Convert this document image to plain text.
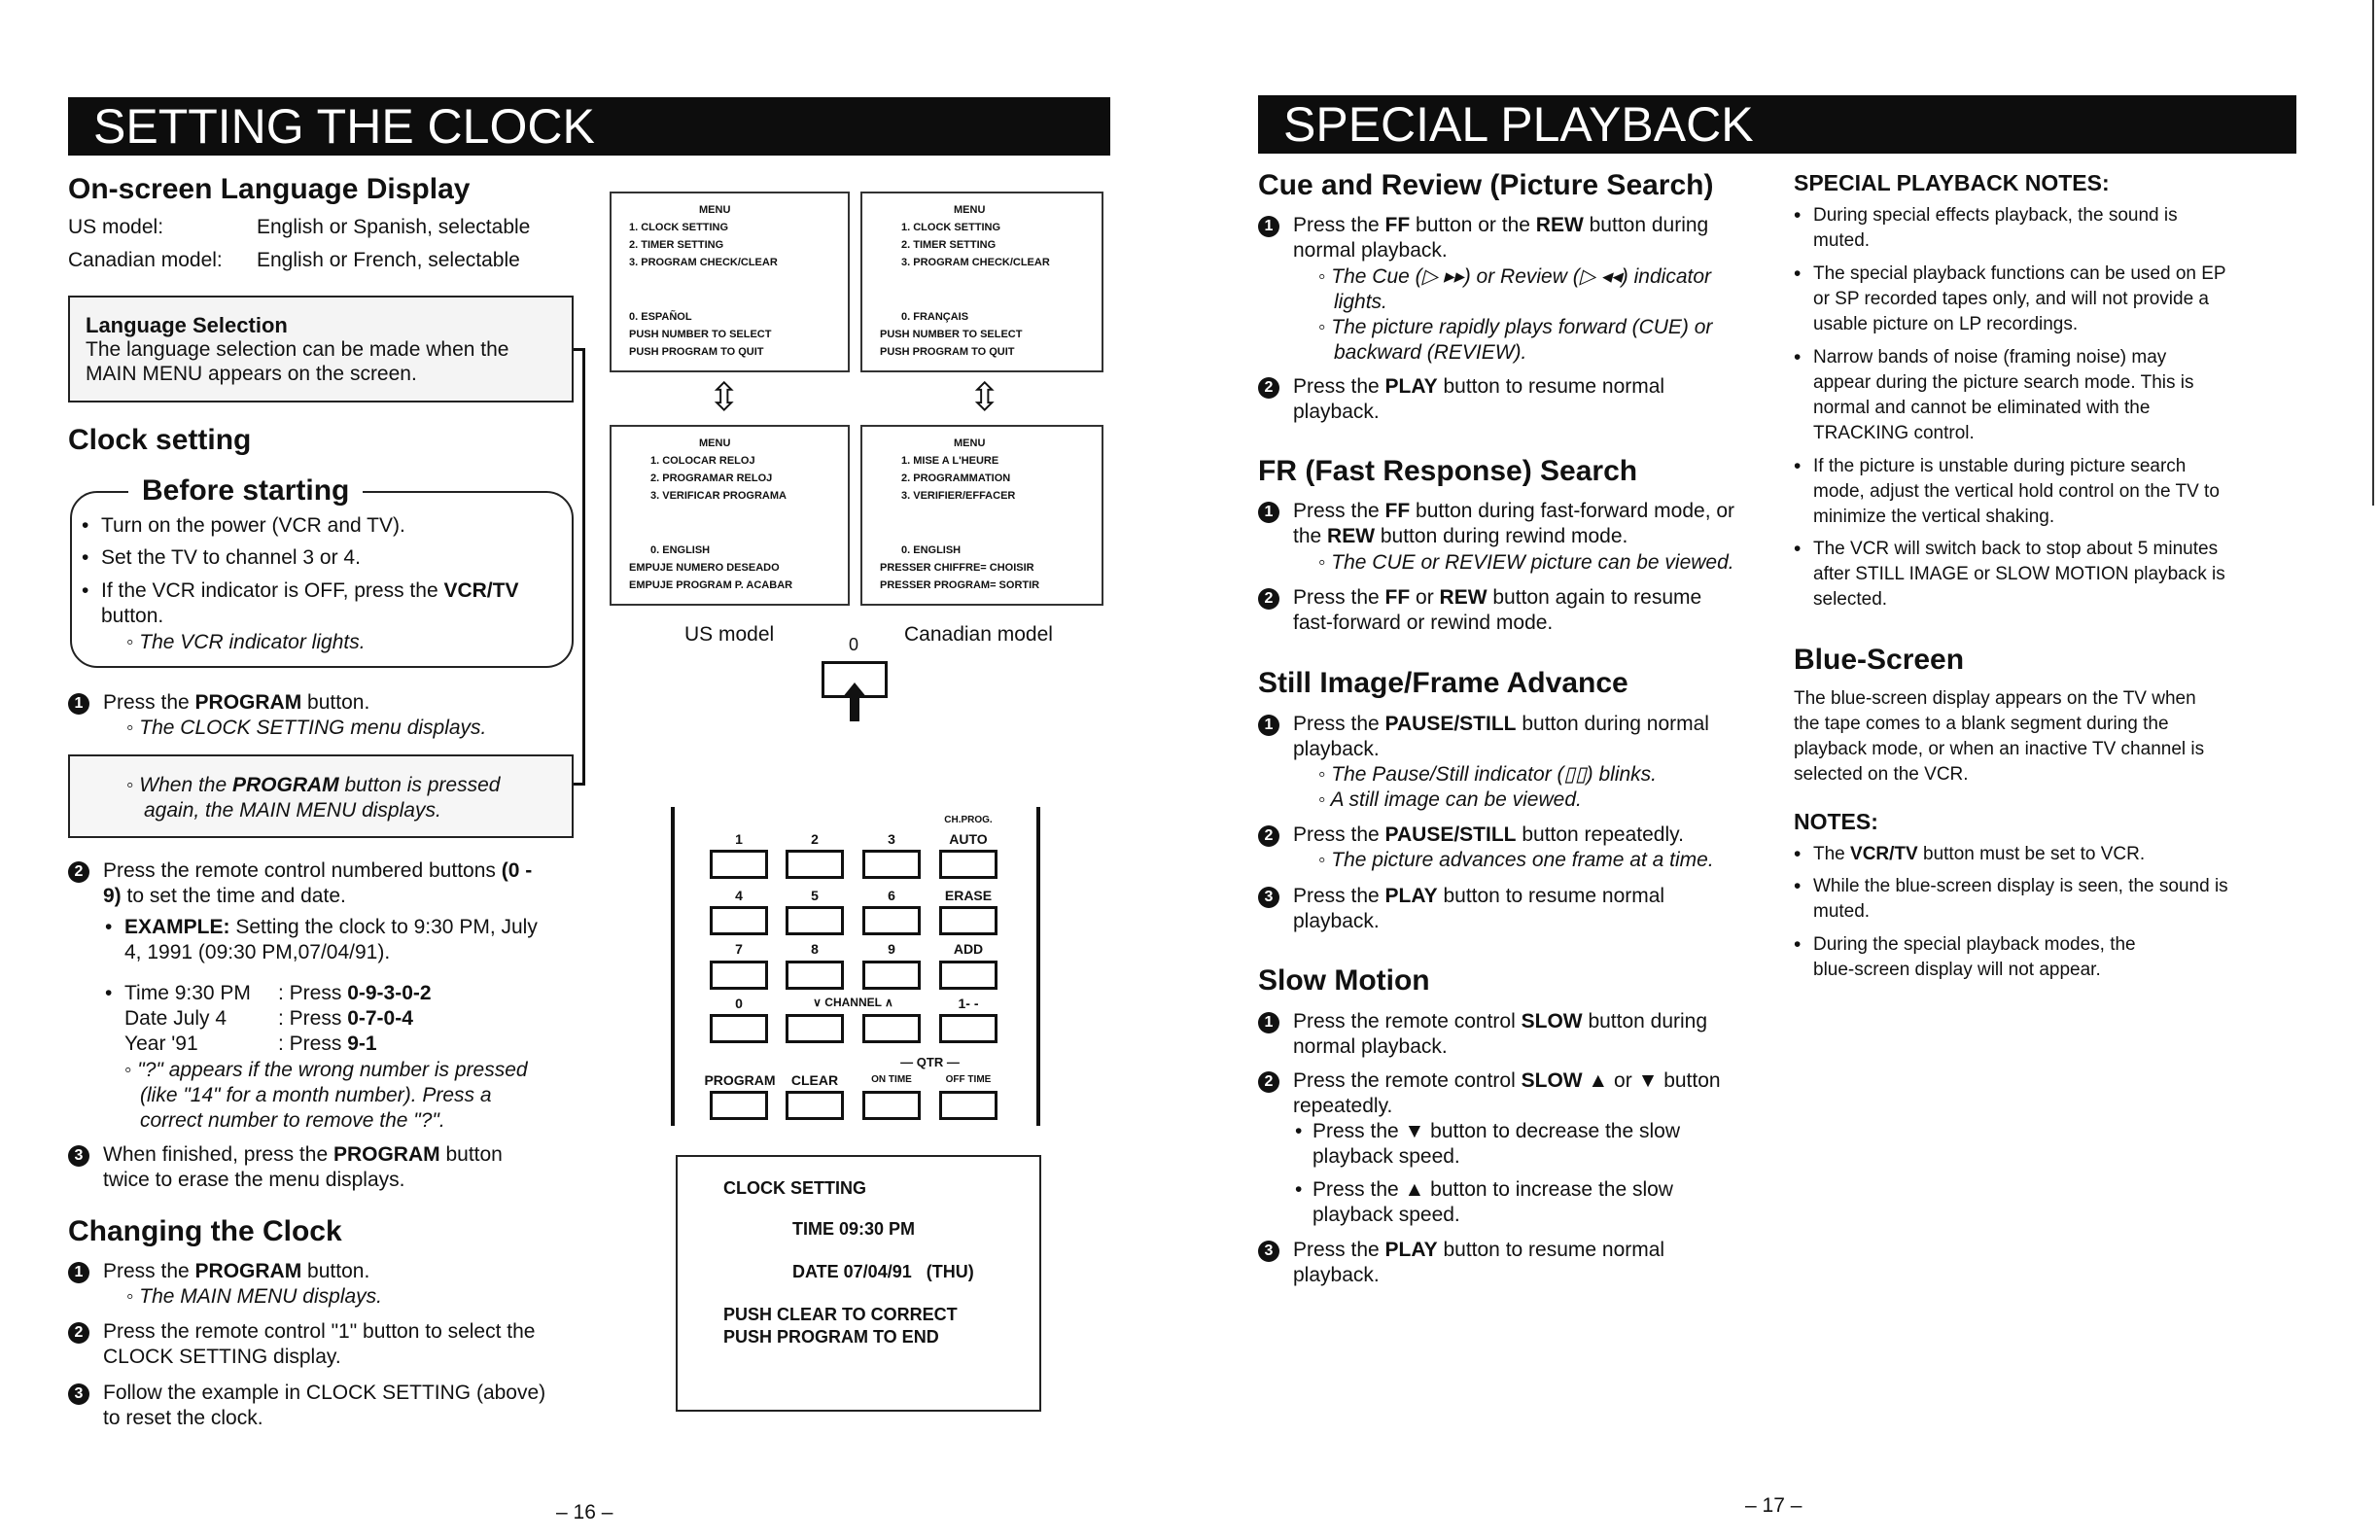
SETTING THE CLOCK
On-screen Language Display
US model:	English or Spanish, selectable
Canadian model: English or French, selectable
Language Selection
The language selection can be made when the
MAIN MENU appears on the screen.
Clock setting
Before starting
• Turn on the power (VCR and TV).
• Set the TV to channel 3 or 4.
• If the VCR indicator is OFF, press the VCR/TV
button.
◦ The VCR indicator lights.
1 Press the PROGRAM button.
◦ The CLOCK SETTING menu displays.
◦ When the PROGRAM button is pressed
again, the MAIN MENU displays.
2 Press the remote control numbered buttons (0 -
9) to set the time and date.
• EXAMPLE: Setting the clock to 9:30 PM, July
4, 1991 (09:30 PM,07/04/91).
• Time 9:30 PM : Press 0-9-3-0-2
Date July 4	: Press 0-7-0-4
Year '91	: Press 9-1
◦ "?" appears if the wrong number is pressed
(like "14" for a month number). Press a
correct number to remove the "?".
3 When finished, press the PROGRAM button
twice to erase the menu displays.
Changing the Clock
1 Press the PROGRAM button.
◦ The MAIN MENU displays.
2 Press the remote control "1" button to select the
CLOCK SETTING display.
3 Follow the example in CLOCK SETTING (above)
to reset the clock.
– 16 –
MENU
1. CLOCK SETTING
2. TIMER SETTING
3. PROGRAM CHECK/CLEAR
0. ESPAÑOL
PUSH NUMBER TO SELECT
PUSH PROGRAM TO QUIT
MENU
1. CLOCK SETTING
2. TIMER SETTING
3. PROGRAM CHECK/CLEAR
0. FRANÇAIS
PUSH NUMBER TO SELECT
PUSH PROGRAM TO QUIT
⇳	⇳
MENU
1. COLOCAR RELOJ
2. PROGRAMAR RELOJ
3. VERIFICAR PROGRAMA
0. ENGLISH
EMPUJE NUMERO DESEADO
EMPUJE PROGRAM P. ACABAR
MENU
1. MISE A L'HEURE
2. PROGRAMMATION
3. VERIFIER/EFFACER
0. ENGLISH
PRESSER CHIFFRE= CHOISIR
PRESSER PROGRAM= SORTIR
US model	0 Canadian model
CH.PROG.
1	2	3	AUTO
4	5	6	ERASE
7	8	9	ADD
0	∨ CHANNEL ∧	1- -
— QTR —
PROGRAM	CLEAR	ON TIME	OFF TIME
CLOCK SETTING
TIME 09:30 PM
DATE 07/04/91   (THU)
PUSH CLEAR TO CORRECT
PUSH PROGRAM TO END
SPECIAL PLAYBACK
Cue and Review (Picture Search)
1 Press the FF button or the REW button during
normal playback.
◦ The Cue (▷ ▸▸) or Review (▷ ◂◂) indicator
lights.
◦ The picture rapidly plays forward (CUE) or
backward (REVIEW).
2 Press the PLAY button to resume normal
playback.
FR (Fast Response) Search
1 Press the FF button during fast-forward mode, or
the REW button during rewind mode.
◦ The CUE or REVIEW picture can be viewed.
2 Press the FF or REW button again to resume
fast-forward or rewind mode.
Still Image/Frame Advance
1 Press the PAUSE/STILL button during normal
playback.
◦ The Pause/Still indicator (▯▯) blinks.
◦ A still image can be viewed.
2 Press the PAUSE/STILL button repeatedly.
◦ The picture advances one frame at a time.
3 Press the PLAY button to resume normal
playback.
Slow Motion
1 Press the remote control SLOW button during
normal playback.
2 Press the remote control SLOW ▲ or ▼ button
repeatedly.
• Press the ▼ button to decrease the slow
playback speed.
• Press the ▲ button to increase the slow
playback speed.
3 Press the PLAY button to resume normal
playback.
SPECIAL PLAYBACK NOTES:
• During special effects playback, the sound is
muted.
• The special playback functions can be used on EP
or SP recorded tapes only, and will not provide a
usable picture on LP recordings.
• Narrow bands of noise (framing noise) may
appear during the picture search mode. This is
normal and cannot be eliminated with the
TRACKING control.
• If the picture is unstable during picture search
mode, adjust the vertical hold control on the TV to
minimize the vertical shaking.
• The VCR will switch back to stop about 5 minutes
after STILL IMAGE or SLOW MOTION playback is
selected.
Blue-Screen
The blue-screen display appears on the TV when
the tape comes to a blank segment during the
playback mode, or when an inactive TV channel is
selected on the VCR.
NOTES:
• The VCR/TV button must be set to VCR.
• While the blue-screen display is seen, the sound is
muted.
• During the special playback modes, the
blue-screen display will not appear.
– 17 –
